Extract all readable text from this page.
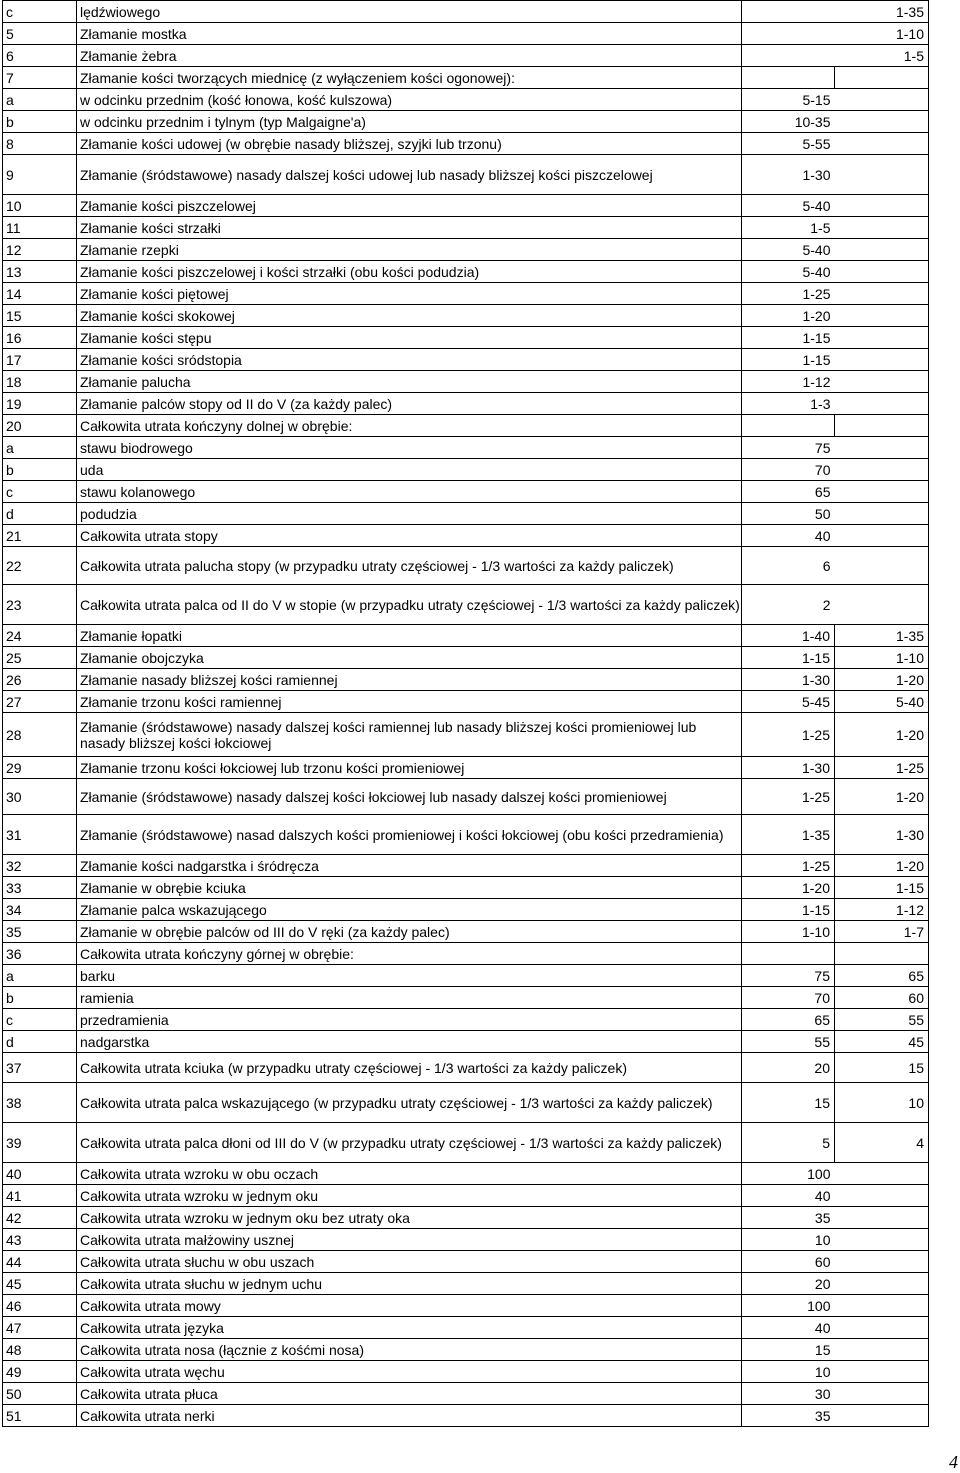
c	lędźwiowego		1-35
5	Złamanie mostka		1-10
6	Złamanie żebra		1-5
7	Złamanie kości tworzących miednicę (z wyłączeniem kości ogonowej):		
a	w odcinku przednim (kość łonowa, kość kulszowa)	5-15	
b	w odcinku przednim i tylnym (typ Malgaigne'a)	10-35	
8	Złamanie kości udowej (w obrębie nasady bliższej, szyjki lub trzonu)	5-55	
9	Złamanie (śródstawowe) nasady dalszej kości udowej lub nasady bliższej kości piszczelowej	1-30	
10	Złamanie kości piszczelowej	5-40	
11	Złamanie kości strzałki	1-5	
12	Złamanie rzepki	5-40	
13	Złamanie kości piszczelowej i kości strzałki (obu kości podudzia)	5-40	
14	Złamanie kości piętowej	1-25	
15	Złamanie kości skokowej	1-20	
16	Złamanie kości stępu	1-15	
17	Złamanie kości sródstopia	1-15	
18	Złamanie palucha	1-12	
19	Złamanie palców stopy od II do V (za każdy palec)	1-3	
20	Całkowita utrata kończyny dolnej w obrębie:		
a	stawu biodrowego	75	
b	uda	70	
c	stawu kolanowego	65	
d	podudzia	50	
21	Całkowita utrata stopy	40	
22	Całkowita utrata palucha stopy (w przypadku utraty częściowej - 1/3 wartości za każdy paliczek)	6	
23	Całkowita utrata palca od II do V w stopie (w przypadku utraty częściowej - 1/3 wartości za każdy paliczek)	2	
24	Złamanie łopatki	1-40	1-35
25	Złamanie obojczyka	1-15	1-10
26	Złamanie nasady bliższej kości ramiennej	1-30	1-20
27	Złamanie trzonu kości ramiennej	5-45	5-40
28	Złamanie (śródstawowe) nasady dalszej kości ramiennej lub nasady bliższej kości promieniowej lub nasady bliższej kości łokciowej	1-25	1-20
29	Złamanie trzonu kości łokciowej lub trzonu kości promieniowej	1-30	1-25
30	Złamanie (śródstawowe) nasady dalszej kości łokciowej lub nasady dalszej kości promieniowej	1-25	1-20
31	Złamanie (śródstawowe) nasad dalszych kości promieniowej i kości łokciowej (obu kości przedramienia)	1-35	1-30
32	Złamanie kości nadgarstka i śródręcza	1-25	1-20
33	Złamanie w obrębie kciuka	1-20	1-15
34	Złamanie palca wskazującego	1-15	1-12
35	Złamanie w obrębie palców od III do V ręki (za każdy palec)	1-10	1-7
36	Całkowita utrata kończyny górnej w obrębie:		
a	barku	75	65
b	ramienia	70	60
c	przedramienia	65	55
d	nadgarstka	55	45
37	Całkowita utrata kciuka (w przypadku utraty częściowej - 1/3 wartości za każdy paliczek)	20	15
38	Całkowita utrata palca wskazującego (w przypadku utraty częściowej - 1/3 wartości za każdy paliczek)	15	10
39	Całkowita utrata palca dłoni od III do V (w przypadku utraty częściowej - 1/3 wartości za każdy paliczek)	5	4
40	Całkowita utrata wzroku w obu oczach	100	
41	Całkowita utrata wzroku w jednym oku	40	
42	Całkowita utrata wzroku w jednym oku bez utraty oka	35	
43	Całkowita utrata małżowiny usznej	10	
44	Całkowita utrata słuchu w obu uszach	60	
45	Całkowita utrata słuchu w jednym uchu	20	
46	Całkowita utrata mowy	100	
47	Całkowita utrata języka	40	
48	Całkowita utrata nosa (łącznie z kośćmi nosa)	15	
49	Całkowita utrata węchu	10	
50	Całkowita utrata płuca	30	
51	Całkowita utrata nerki	35	
4
